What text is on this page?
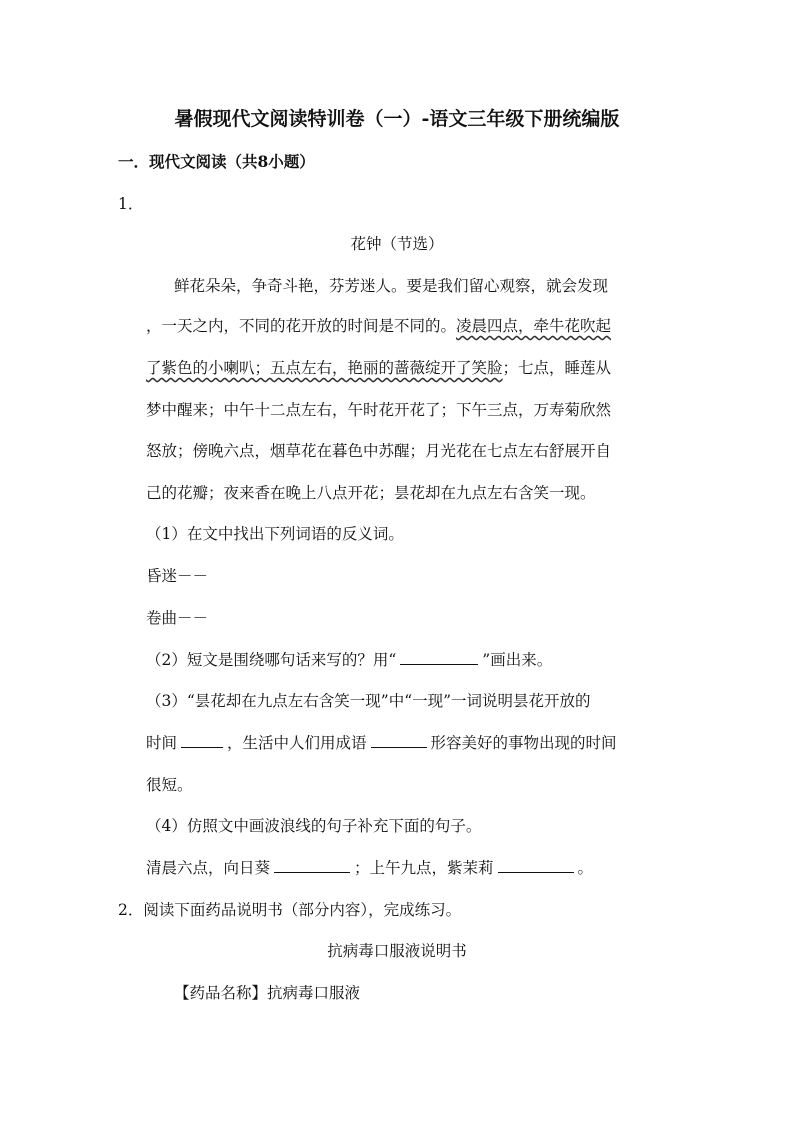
暑假现代文阅读特训卷（一）-语文三年级下册统编版
一．现代文阅读（共8小题）
1．
花钟（节选）
鲜花朵朵，争奇斗艳，芬芳迷人。要是我们留心观察，就会发现
，一天之内，不同的花开放的时间是不同的。凌晨四点，牵牛花吹起
了紫色的小喇叭；五点左右，艳丽的蔷薇绽开了笑脸；七点，睡莲从
梦中醒来；中午十二点左右，午时花开花了；下午三点，万寿菊欣然
怒放；傍晚六点，烟草花在暮色中苏醒；月光花在七点左右舒展开自
己的花瓣；夜来香在晚上八点开花；昙花却在九点左右含笑一现。
（1）在文中找出下列词语的反义词。
昏迷－－
卷曲－－
（2）短文是围绕哪句话来写的？用“	”画出来。
（3）“昙花却在九点左右含笑一现”中“一现”一词说明昙花开放的
时间	，生活中人们用成语	形容美好的事物出现的时间
很短。
（4）仿照文中画波浪线的句子补充下面的句子。
清晨六点，向日葵	；上午九点，紫茉莉	。
2．阅读下面药品说明书（部分内容），完成练习。
抗病毒口服液说明书
【药品名称】抗病毒口服液
